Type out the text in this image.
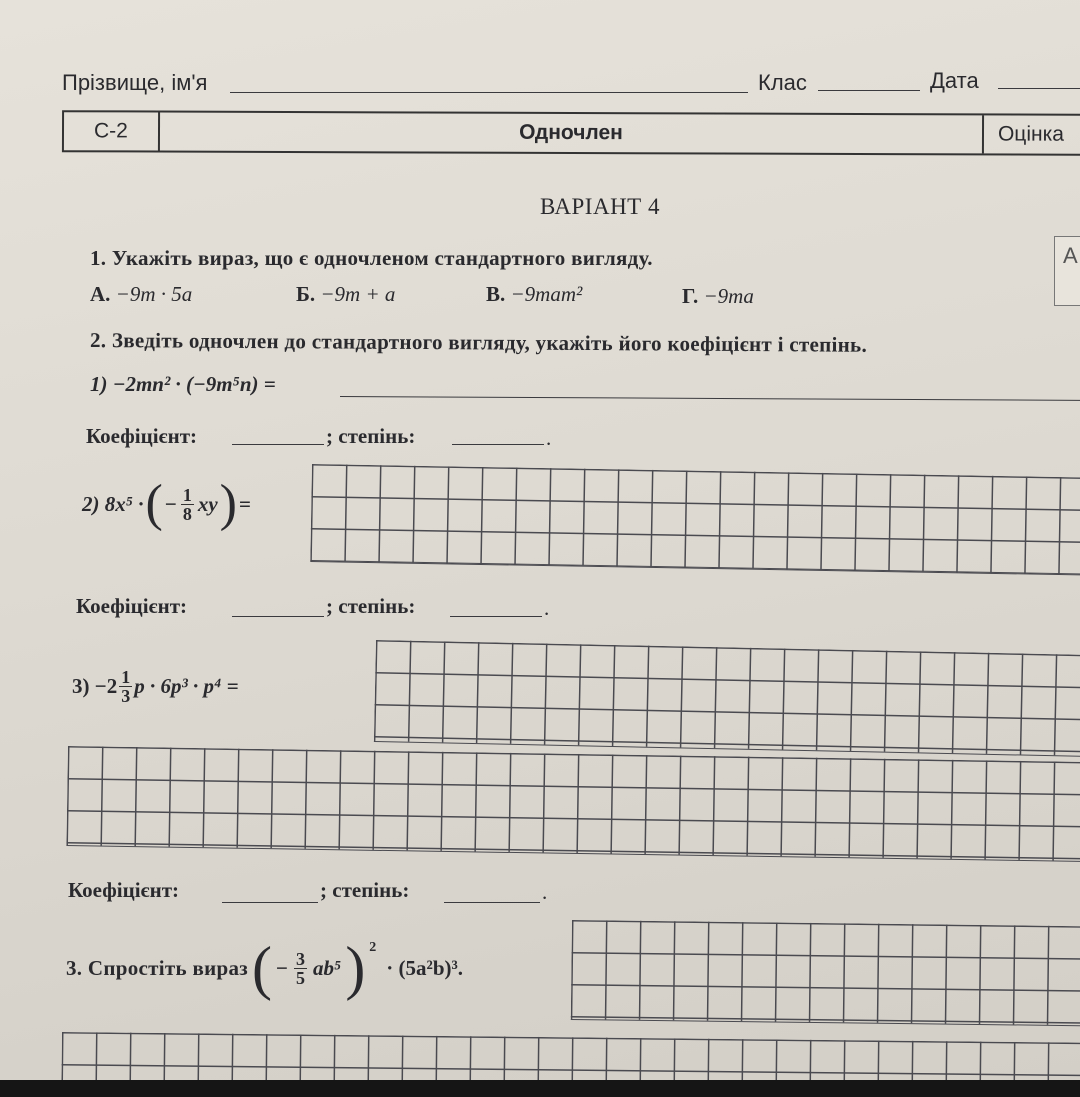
Прізвище, ім'я	Клас	Дата
С-2	Одночлен	Оцінка
ВАРІАНТ 4
1. Укажіть вираз, що є одночленом стандартного вигляду.	А
А. −9m · 5a	Б. −9m + a	В. −9mam²	Г. −9ma
2. Зведіть одночлен до стандартного вигляду, укажіть його коефіцієнт і степінь.
1) −2mn² · (−9m⁵n) =
Коефіцієнт:	; степінь:	.
2) 8x⁵ · ( − $\frac{1}{8}$ xy ) =
Коефіцієнт:	; степінь:	.
$3) -2 \frac{1}{3}$ p · 6p³ · p⁴ =
Коефіцієнт:	; степінь:	.
3. Спростіть вираз ( − $\frac{3}{5} ab^5$ ) 2
· (5a²b)³.
